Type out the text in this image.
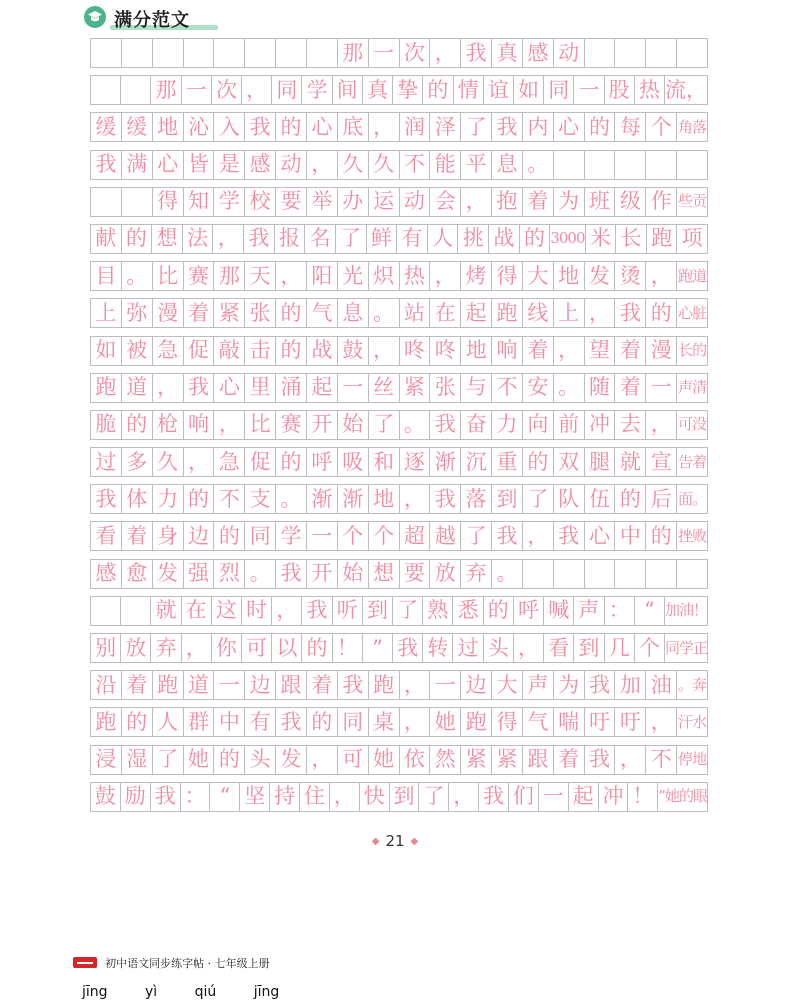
满分范文
那 一 次 ， 我 真 感 动
那 一 次 ， 同 学 间 真 挚 的 情 谊 如 同 一 股 热 流，
缓 缓 地 沁 入 我 的 心 底 ， 润 泽 了 我 内 心 的 每 个 角 落
我 满 心 皆 是 感 动 ， 久 久 不 能 平 息 。
得 知 学 校 要 举 办 运 动 会 ， 抱 着 为 班 级 作 些 贡
献 的 想 法 ， 我 报 名 了 鲜 有 人 挑 战 的 3000 米 长 跑 项
目 。 比 赛 那 天 ， 阳 光 炽 热 ， 烤 得 大 地 发 烫 ， 跑 道
上 弥 漫 着 紧 张 的 气 息 。 站 在 起 跑 线 上 ， 我 的 心 脏
如 被 急 促 敲 击 的 战 鼓 ， 咚 咚 地 响 着 ， 望 着 漫 长 的
跑 道 ， 我 心 里 涌 起 一 丝 紧 张 与 不 安 。 随 着 一 声 清
脆 的 枪 响 ， 比 赛 开 始 了 。 我 奋 力 向 前 冲 去 ， 可 没
过 多 久 ， 急 促 的 呼 吸 和 逐 渐 沉 重 的 双 腿 就 宣 告 着
我 体 力 的 不 支 。 渐 渐 地 ， 我 落 到 了 队 伍 的 后 面 。
看 着 身 边 的 同 学 一 个 个 超 越 了 我 ， 我 心 中 的 挫 败
感 愈 发 强 烈 。 我 开 始 想 要 放 弃 。
就 在 这 时 ， 我 听 到 了 熟 悉 的 呼 喊 声 ： “ 加 油 ！
别 放 弃 ， 你 可 以 的 ！ ” 我 转 过 头 ， 看 到 几 个 同 学 正
沿 着 跑 道 一 边 跟 着 我 跑 ， 一 边 大 声 为 我 加 油 。 奔
跑 的 人 群 中 有 我 的 同 桌 ， 她 跑 得 气 喘 吁 吁 ， 汗 水
浸 湿 了 她 的 头 发 ， 可 她 依 然 紧 紧 跟 着 我 ， 不 停 地
鼓 励 我 ： “ 坚 持 住 ， 快 到 了 ， 我 们 一 起 冲 ！ ” 她 的 眼
◆ 21 ◆
初中语文同步练字帖 · 七年级上册
jīng	yì	qiú	jīng
